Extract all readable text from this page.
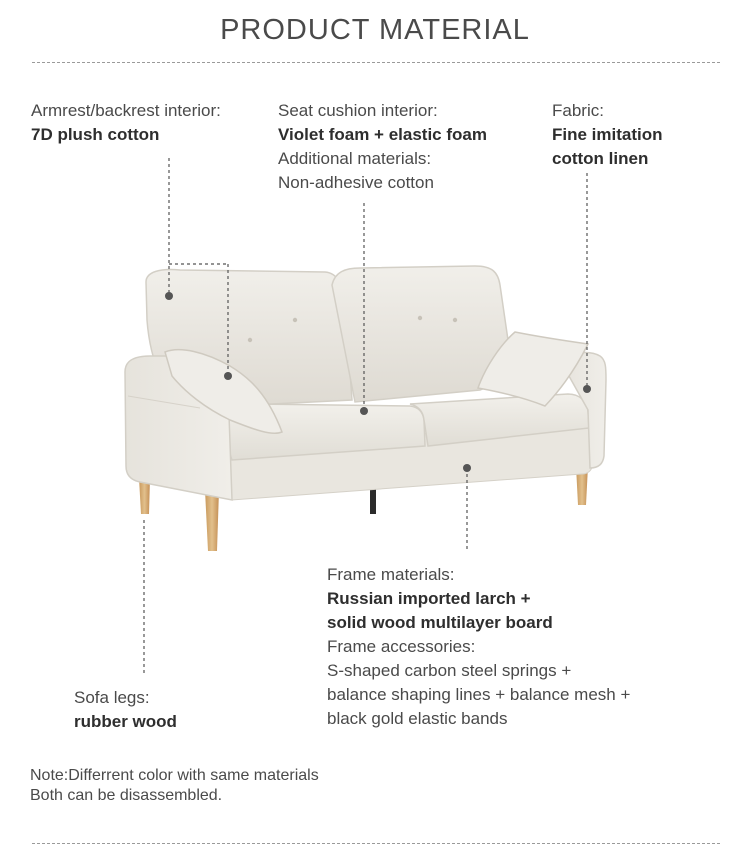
PRODUCT MATERIAL
Armrest/backrest interior:
7D plush cotton
Seat cushion interior:
Violet foam + elastic foam
Additional materials:
Non-adhesive cotton
Fabric:
Fine imitation
cotton linen
Frame materials:
Russian imported larch +
solid wood multilayer board
Frame accessories:
S-shaped carbon steel springs +
balance shaping lines + balance mesh +
black gold elastic bands
Sofa legs:
rubber wood
Note:Differrent color with same materials
Both can be disassembled.
